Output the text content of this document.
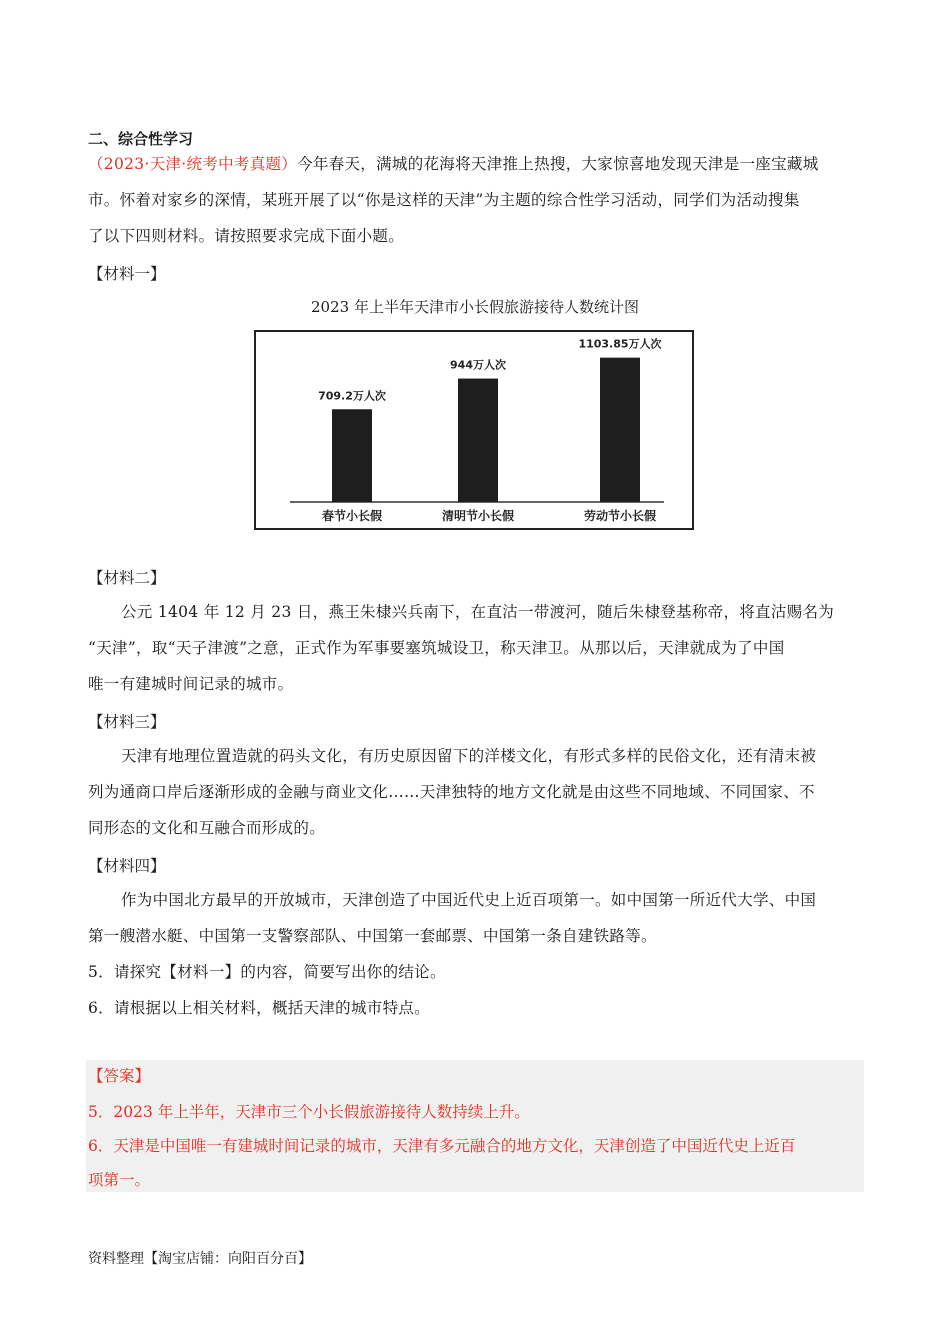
二、综合性学习
（2023·天津·统考中考真题）今年春天，满城的花海将天津推上热搜，大家惊喜地发现天津是一座宝藏城
市。怀着对家乡的深情，某班开展了以“你是这样的天津”为主题的综合性学习活动，同学们为活动搜集
了以下四则材料。请按照要求完成下面小题。
【材料一】
2023 年上半年天津市小长假旅游接待人数统计图
709.2万人次
春节小长假
944万人次
清明节小长假
1103.85万人次
劳动节小长假
【材料二】
公元 1404 年 12 月 23 日，燕王朱棣兴兵南下，在直沽一带渡河，随后朱棣登基称帝，将直沽赐名为
“天津”，取“天子津渡”之意，正式作为军事要塞筑城设卫，称天津卫。从那以后，天津就成为了中国
唯一有建城时间记录的城市。
【材料三】
天津有地理位置造就的码头文化，有历史原因留下的洋楼文化，有形式多样的民俗文化，还有清末被
列为通商口岸后逐渐形成的金融与商业文化……天津独特的地方文化就是由这些不同地域、不同国家、不
同形态的文化和互融合而形成的。
【材料四】
作为中国北方最早的开放城市，天津创造了中国近代史上近百项第一。如中国第一所近代大学、中国
第一艘潜水艇、中国第一支警察部队、中国第一套邮票、中国第一条自建铁路等。
5．请探究【材料一】的内容，简要写出你的结论。
6．请根据以上相关材料，概括天津的城市特点。
【答案】
5．2023 年上半年，天津市三个小长假旅游接待人数持续上升。
6．天津是中国唯一有建城时间记录的城市，天津有多元融合的地方文化，天津创造了中国近代史上近百
项第一。
资料整理【淘宝店铺：向阳百分百】
